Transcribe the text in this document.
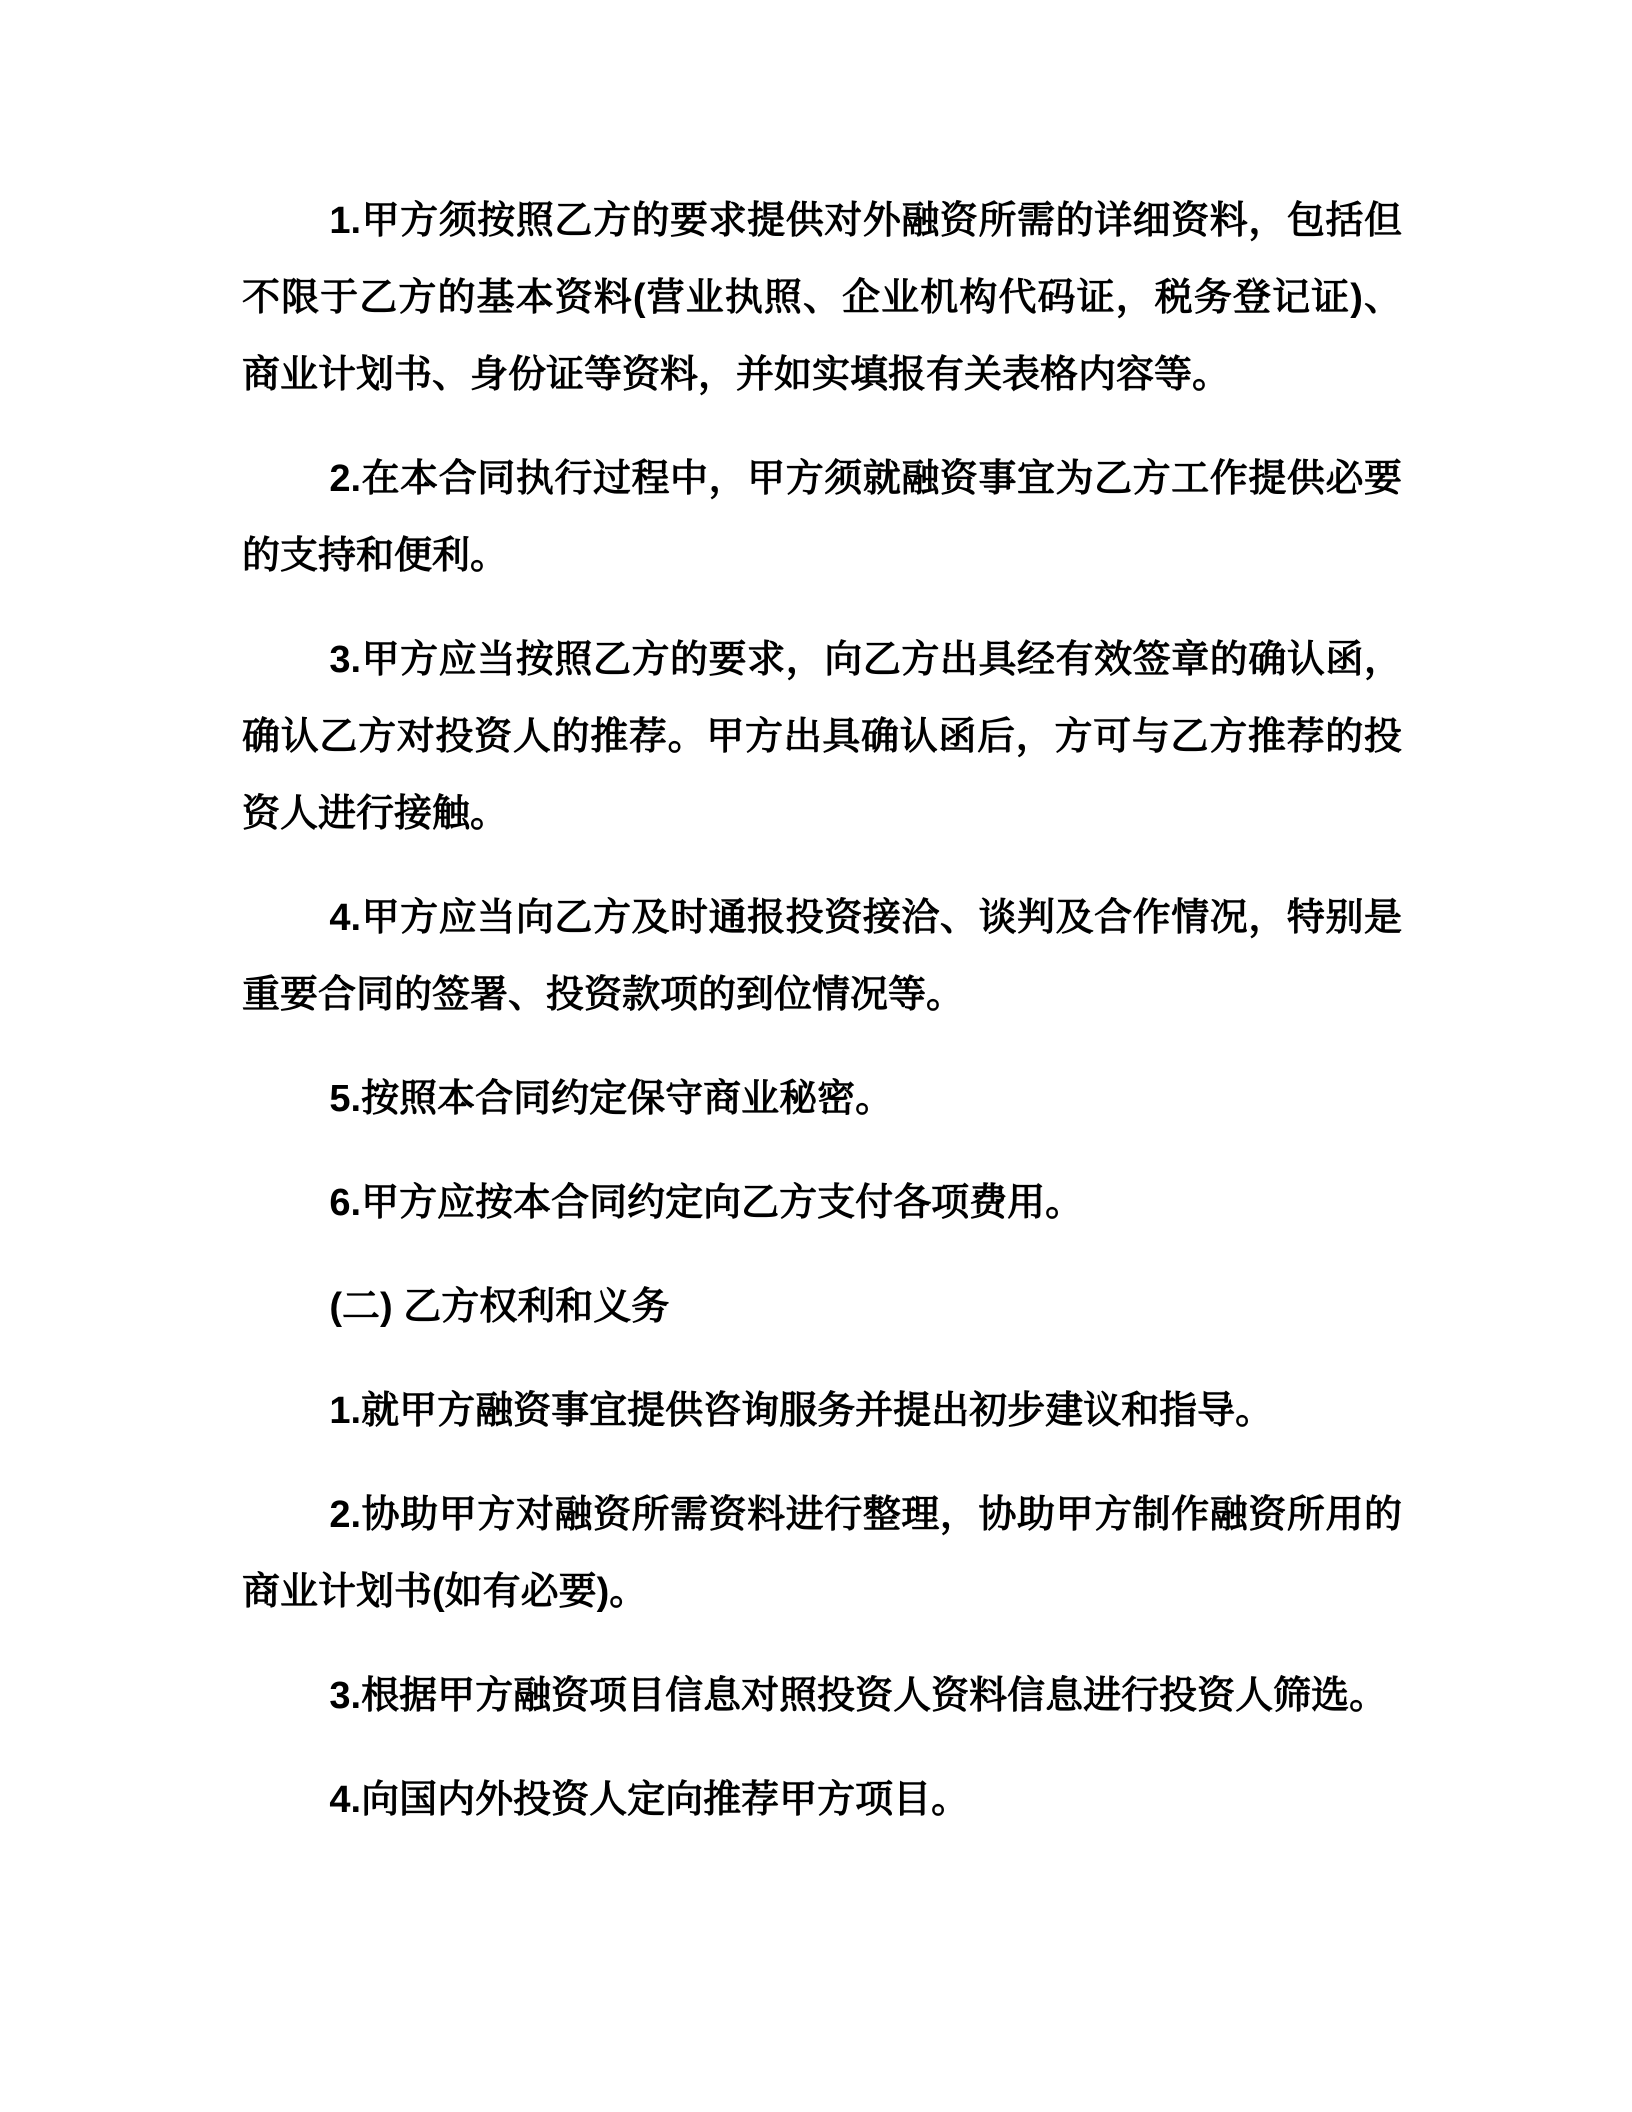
1.甲方须按照乙方的要求提供对外融资所需的详细资料，包括但不限于乙方的基本资料(营业执照、企业机构代码证，税务登记证)、商业计划书、身份证等资料，并如实填报有关表格内容等。

2.在本合同执行过程中，甲方须就融资事宜为乙方工作提供必要的支持和便利。

3.甲方应当按照乙方的要求，向乙方出具经有效签章的确认函，确认乙方对投资人的推荐。甲方出具确认函后，方可与乙方推荐的投资人进行接触。

4.甲方应当向乙方及时通报投资接洽、谈判及合作情况，特别是重要合同的签署、投资款项的到位情况等。

5.按照本合同约定保守商业秘密。

6.甲方应按本合同约定向乙方支付各项费用。

(二) 乙方权利和义务

1.就甲方融资事宜提供咨询服务并提出初步建议和指导。

2.协助甲方对融资所需资料进行整理，协助甲方制作融资所用的商业计划书(如有必要)。

3.根据甲方融资项目信息对照投资人资料信息进行投资人筛选。

4.向国内外投资人定向推荐甲方项目。
